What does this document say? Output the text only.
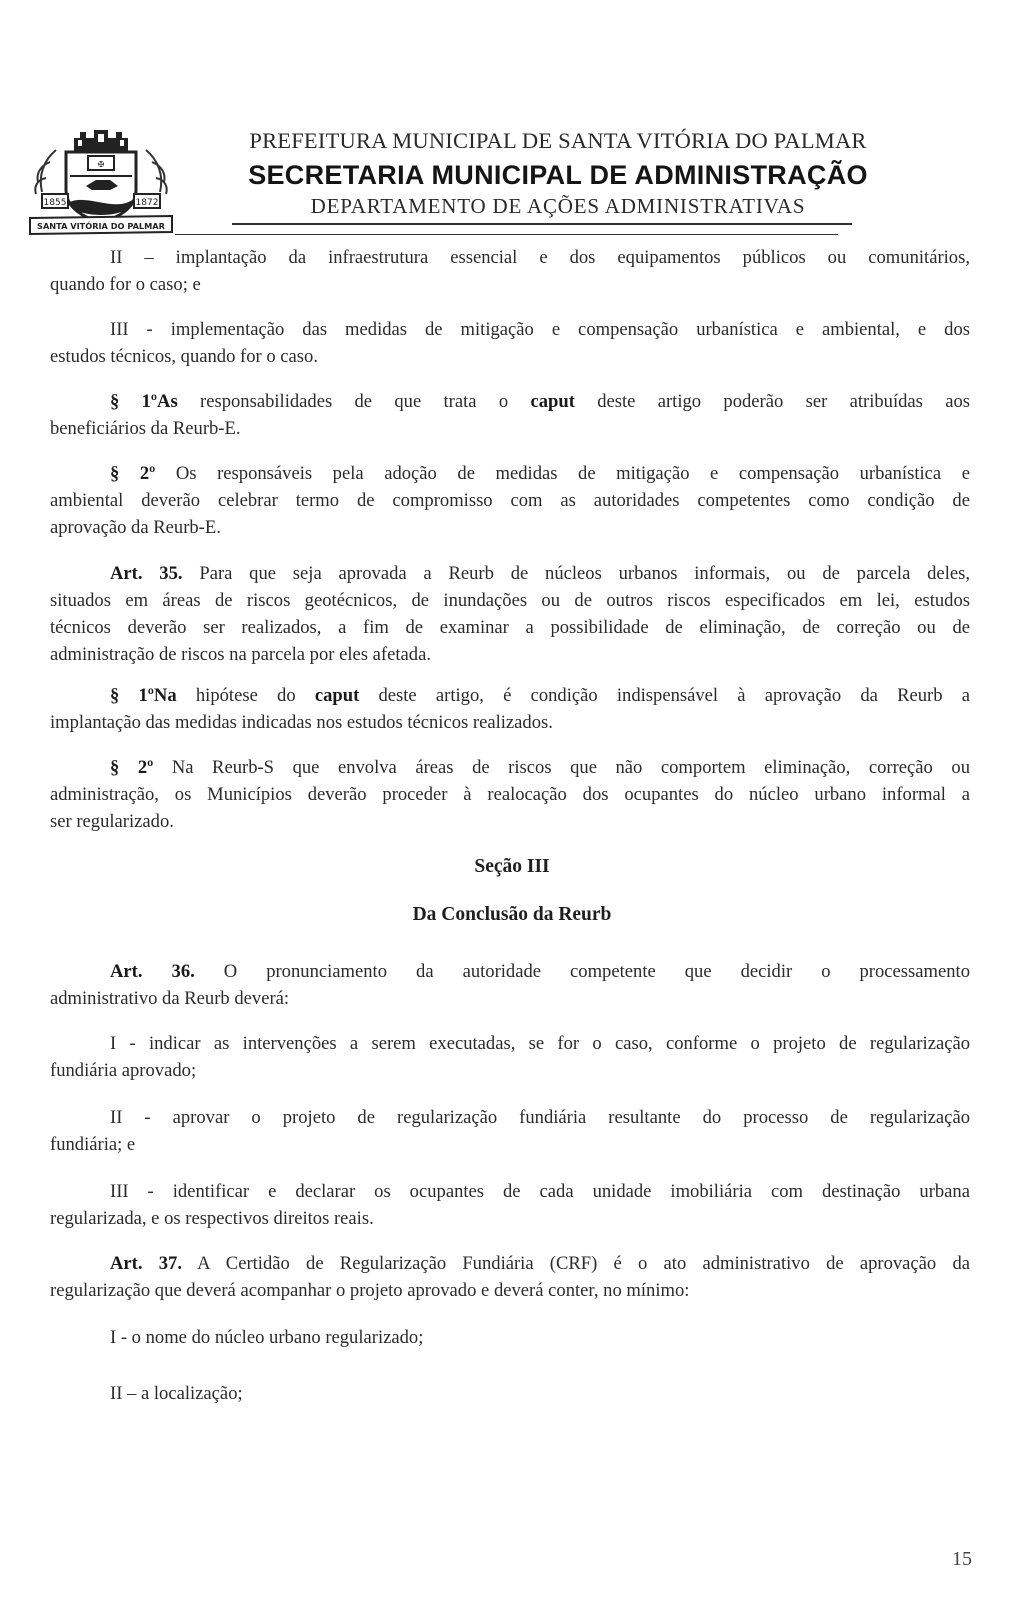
✠
1855	1872
SANTA VITÓRIA DO PALMAR
PREFEITURA MUNICIPAL DE SANTA VITÓRIA DO PALMAR
SECRETARIA MUNICIPAL DE ADMINISTRAÇÃO
DEPARTAMENTO DE AÇÕES ADMINISTRATIVAS
II – implantação da infraestrutura essencial e dos equipamentos públicos ou comunitários,
quando for o caso; e
III - implementação das medidas de mitigação e compensação urbanística e ambiental, e dos
estudos técnicos, quando for o caso.
§ 1ºAs responsabilidades de que trata o caput deste artigo poderão ser atribuídas aos
beneficiários da Reurb-E.
§ 2º Os responsáveis pela adoção de medidas de mitigação e compensação urbanística e
ambiental deverão celebrar termo de compromisso com as autoridades competentes como condição de
aprovação da Reurb-E.
Art. 35. Para que seja aprovada a Reurb de núcleos urbanos informais, ou de parcela deles,
situados em áreas de riscos geotécnicos, de inundações ou de outros riscos especificados em lei, estudos
técnicos deverão ser realizados, a fim de examinar a possibilidade de eliminação, de correção ou de
administração de riscos na parcela por eles afetada.
§ 1ºNa hipótese do caput deste artigo, é condição indispensável à aprovação da Reurb a
implantação das medidas indicadas nos estudos técnicos realizados.
§ 2º Na Reurb-S que envolva áreas de riscos que não comportem eliminação, correção ou
administração, os Municípios deverão proceder à realocação dos ocupantes do núcleo urbano informal a
ser regularizado.
Seção III
Da Conclusão da Reurb
Art. 36. O pronunciamento da autoridade competente que decidir o processamento
administrativo da Reurb deverá:
I - indicar as intervenções a serem executadas, se for o caso, conforme o projeto de regularização
fundiária aprovado;
II - aprovar o projeto de regularização fundiária resultante do processo de regularização
fundiária; e
III - identificar e declarar os ocupantes de cada unidade imobiliária com destinação urbana
regularizada, e os respectivos direitos reais.
Art. 37. A Certidão de Regularização Fundiária (CRF) é o ato administrativo de aprovação da
regularização que deverá acompanhar o projeto aprovado e deverá conter, no mínimo:
I - o nome do núcleo urbano regularizado;
II – a localização;
15
